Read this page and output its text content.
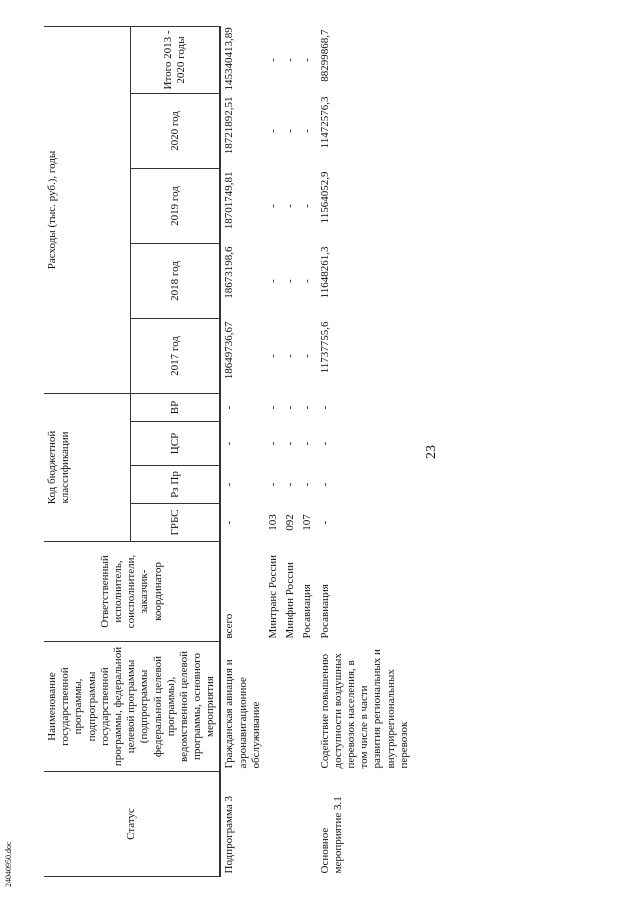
23
24040950.doc
Статус	Наименование государственной программы, подпрограммы государственной программы, федеральной целевой программы (подпрограммы федеральной целевой программы), ведомственной целевой программы, основного мероприятия	Ответственный исполнитель, соисполнители, заказчик-координатор	Код бюджетной классификации				Расходы (тыс. руб.), годы				
			ГРБС	Рз Пр	ЦСР	ВР	2017 год	2018 год	2019 год	2020 год	Итого 2013 - 2020 годы
Подпрограмма 3	Гражданская авиация и аэронавигационное обслуживание	всего	-	-	-	-	18649736,67	18673198,6	18701749,81	18721892,51	145340413,89
		Минтранс России	103	-	-	-	-	-	-	-	-
		Минфин России	092	-	-	-	-	-	-	-	-
		Росавиация	107	-	-	-	-	-	-	-	-
Основное мероприятие 3.1	Содействие повышению доступности воздушных перевозок населения, в том числе в части развития региональных и внутрирегиональных перевозок	Росавиация	-	-	-	-	11737755,6	11648261,3	11564052,9	11472576,3	88299868,7
